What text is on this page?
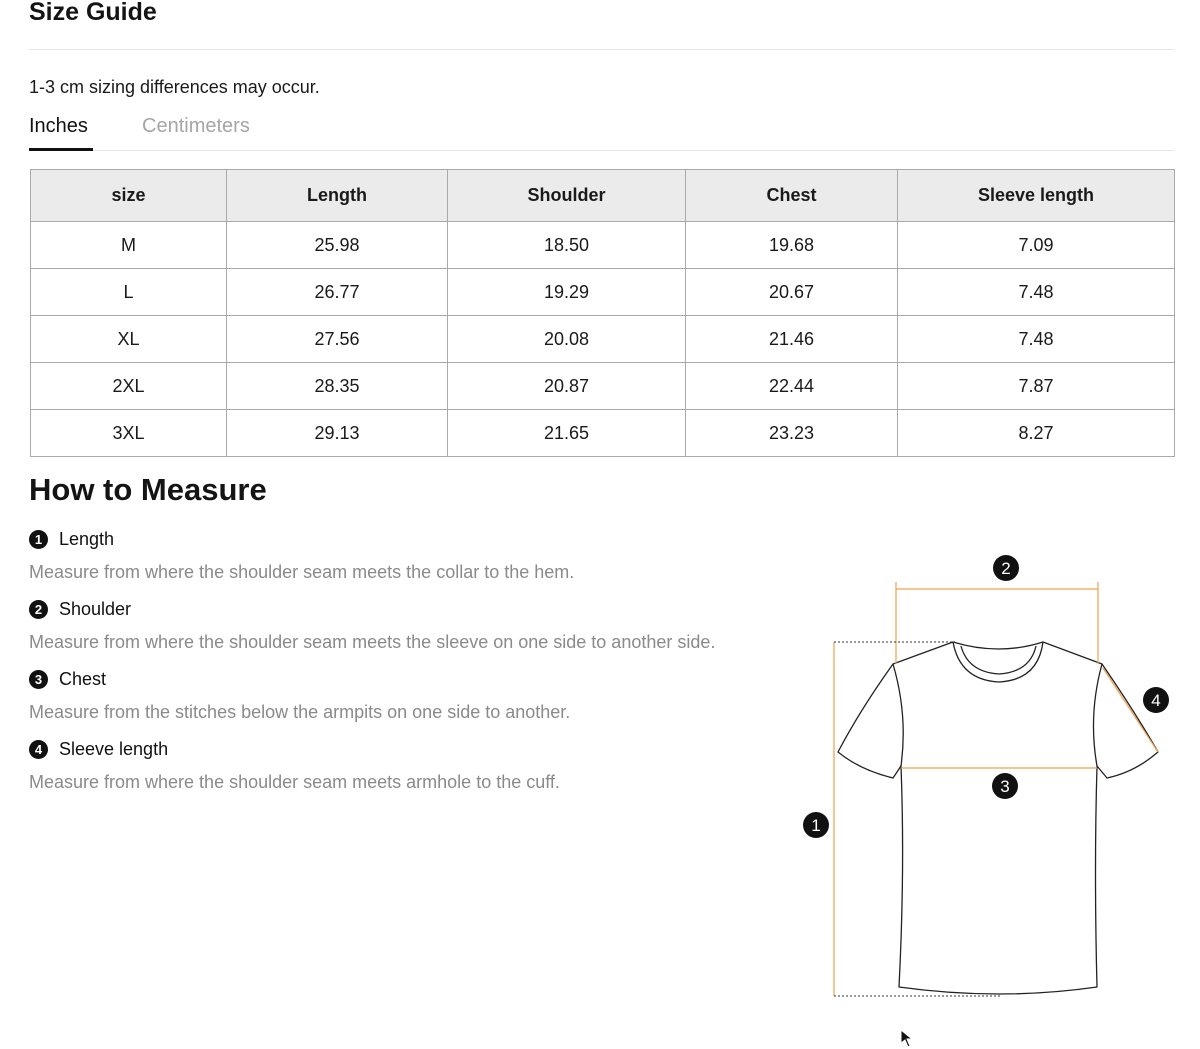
Size Guide

1-3 cm sizing differences may occur.

Inches	Centimeters
size	Length	Shoulder	Chest	Sleeve length
M	25.98	18.50	19.68	7.09
L	26.77	19.29	20.67	7.48
XL	27.56	20.08	21.46	7.48
2XL	28.35	20.87	22.44	7.87
3XL	29.13	21.65	23.23	8.27
How to Measure
1 Length
Measure from where the shoulder seam meets the collar to the hem.
2 Shoulder
Measure from where the shoulder seam meets the sleeve on one side to another side.
3 Chest
Measure from the stitches below the armpits on one side to another.
4 Sleeve length
Measure from where the shoulder seam meets armhole to the cuff.
2
4
3
1
